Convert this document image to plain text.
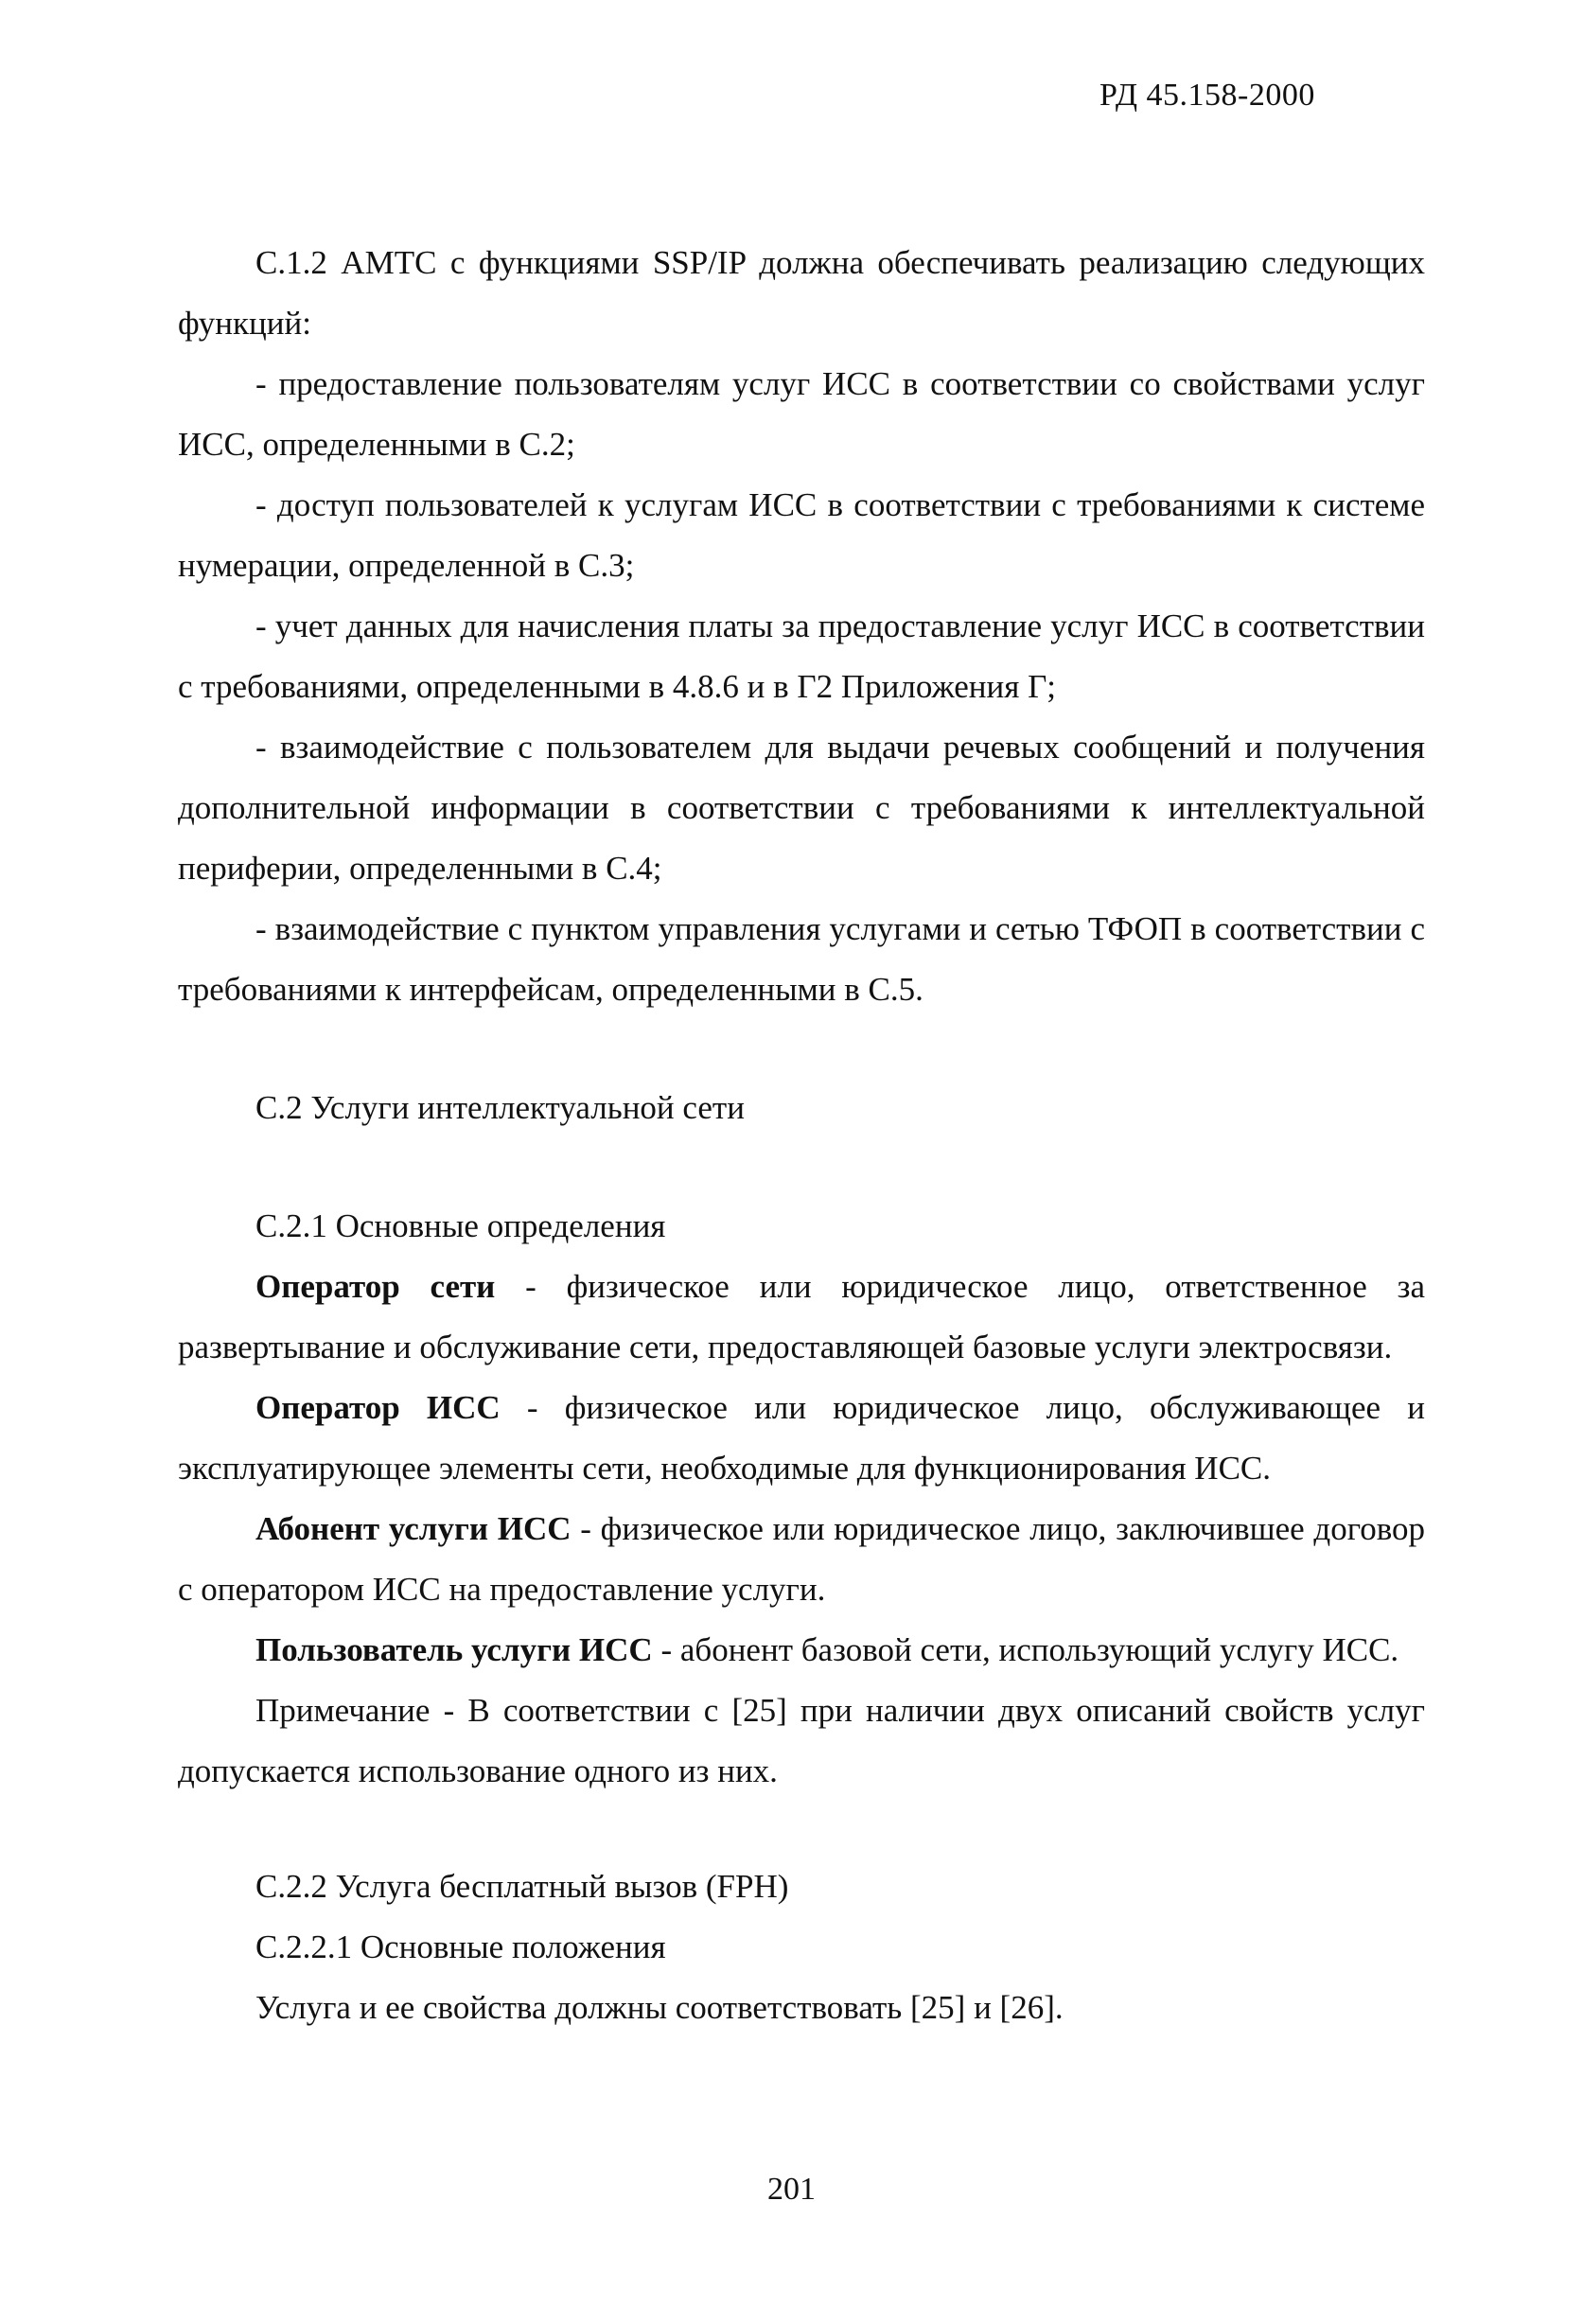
РД 45.158-2000

С.1.2 АМТС с функциями SSP/IP должна обеспечивать реализацию следующих функций:

- предоставление пользователям услуг ИСС в соответствии со свойствами услуг ИСС, определенными в С.2;

- доступ пользователей к услугам ИСС в соответствии с требованиями к системе нумерации, определенной в С.3;

- учет данных для начисления платы за предоставление услуг ИСС в соответствии с требованиями, определенными в 4.8.6 и в Г2 Приложения Г;

- взаимодействие с пользователем для выдачи речевых сообщений и получения дополнительной информации в соответствии с требованиями к интеллектуальной периферии, определенными в С.4;

- взаимодействие с пунктом управления услугами и сетью ТФОП в соответствии с требованиями к интерфейсам, определенными в С.5.

С.2 Услуги интеллектуальной сети

С.2.1 Основные определения

Оператор сети - физическое или юридическое лицо, ответственное за развертывание и обслуживание сети, предоставляющей базовые услуги электросвязи.

Оператор ИСС - физическое или юридическое лицо, обслуживающее и эксплуатирующее элементы сети, необходимые для функционирования ИСС.

Абонент услуги ИСС - физическое или юридическое лицо, заключившее договор с оператором ИСС на предоставление услуги.

Пользователь услуги ИСС - абонент базовой сети, использующий услугу ИСС.

Примечание - В соответствии с [25] при наличии двух описаний свойств услуг допускается использование одного из них.

С.2.2 Услуга бесплатный вызов (FPH)

С.2.2.1 Основные положения

Услуга и ее свойства должны соответствовать [25] и [26].

201
